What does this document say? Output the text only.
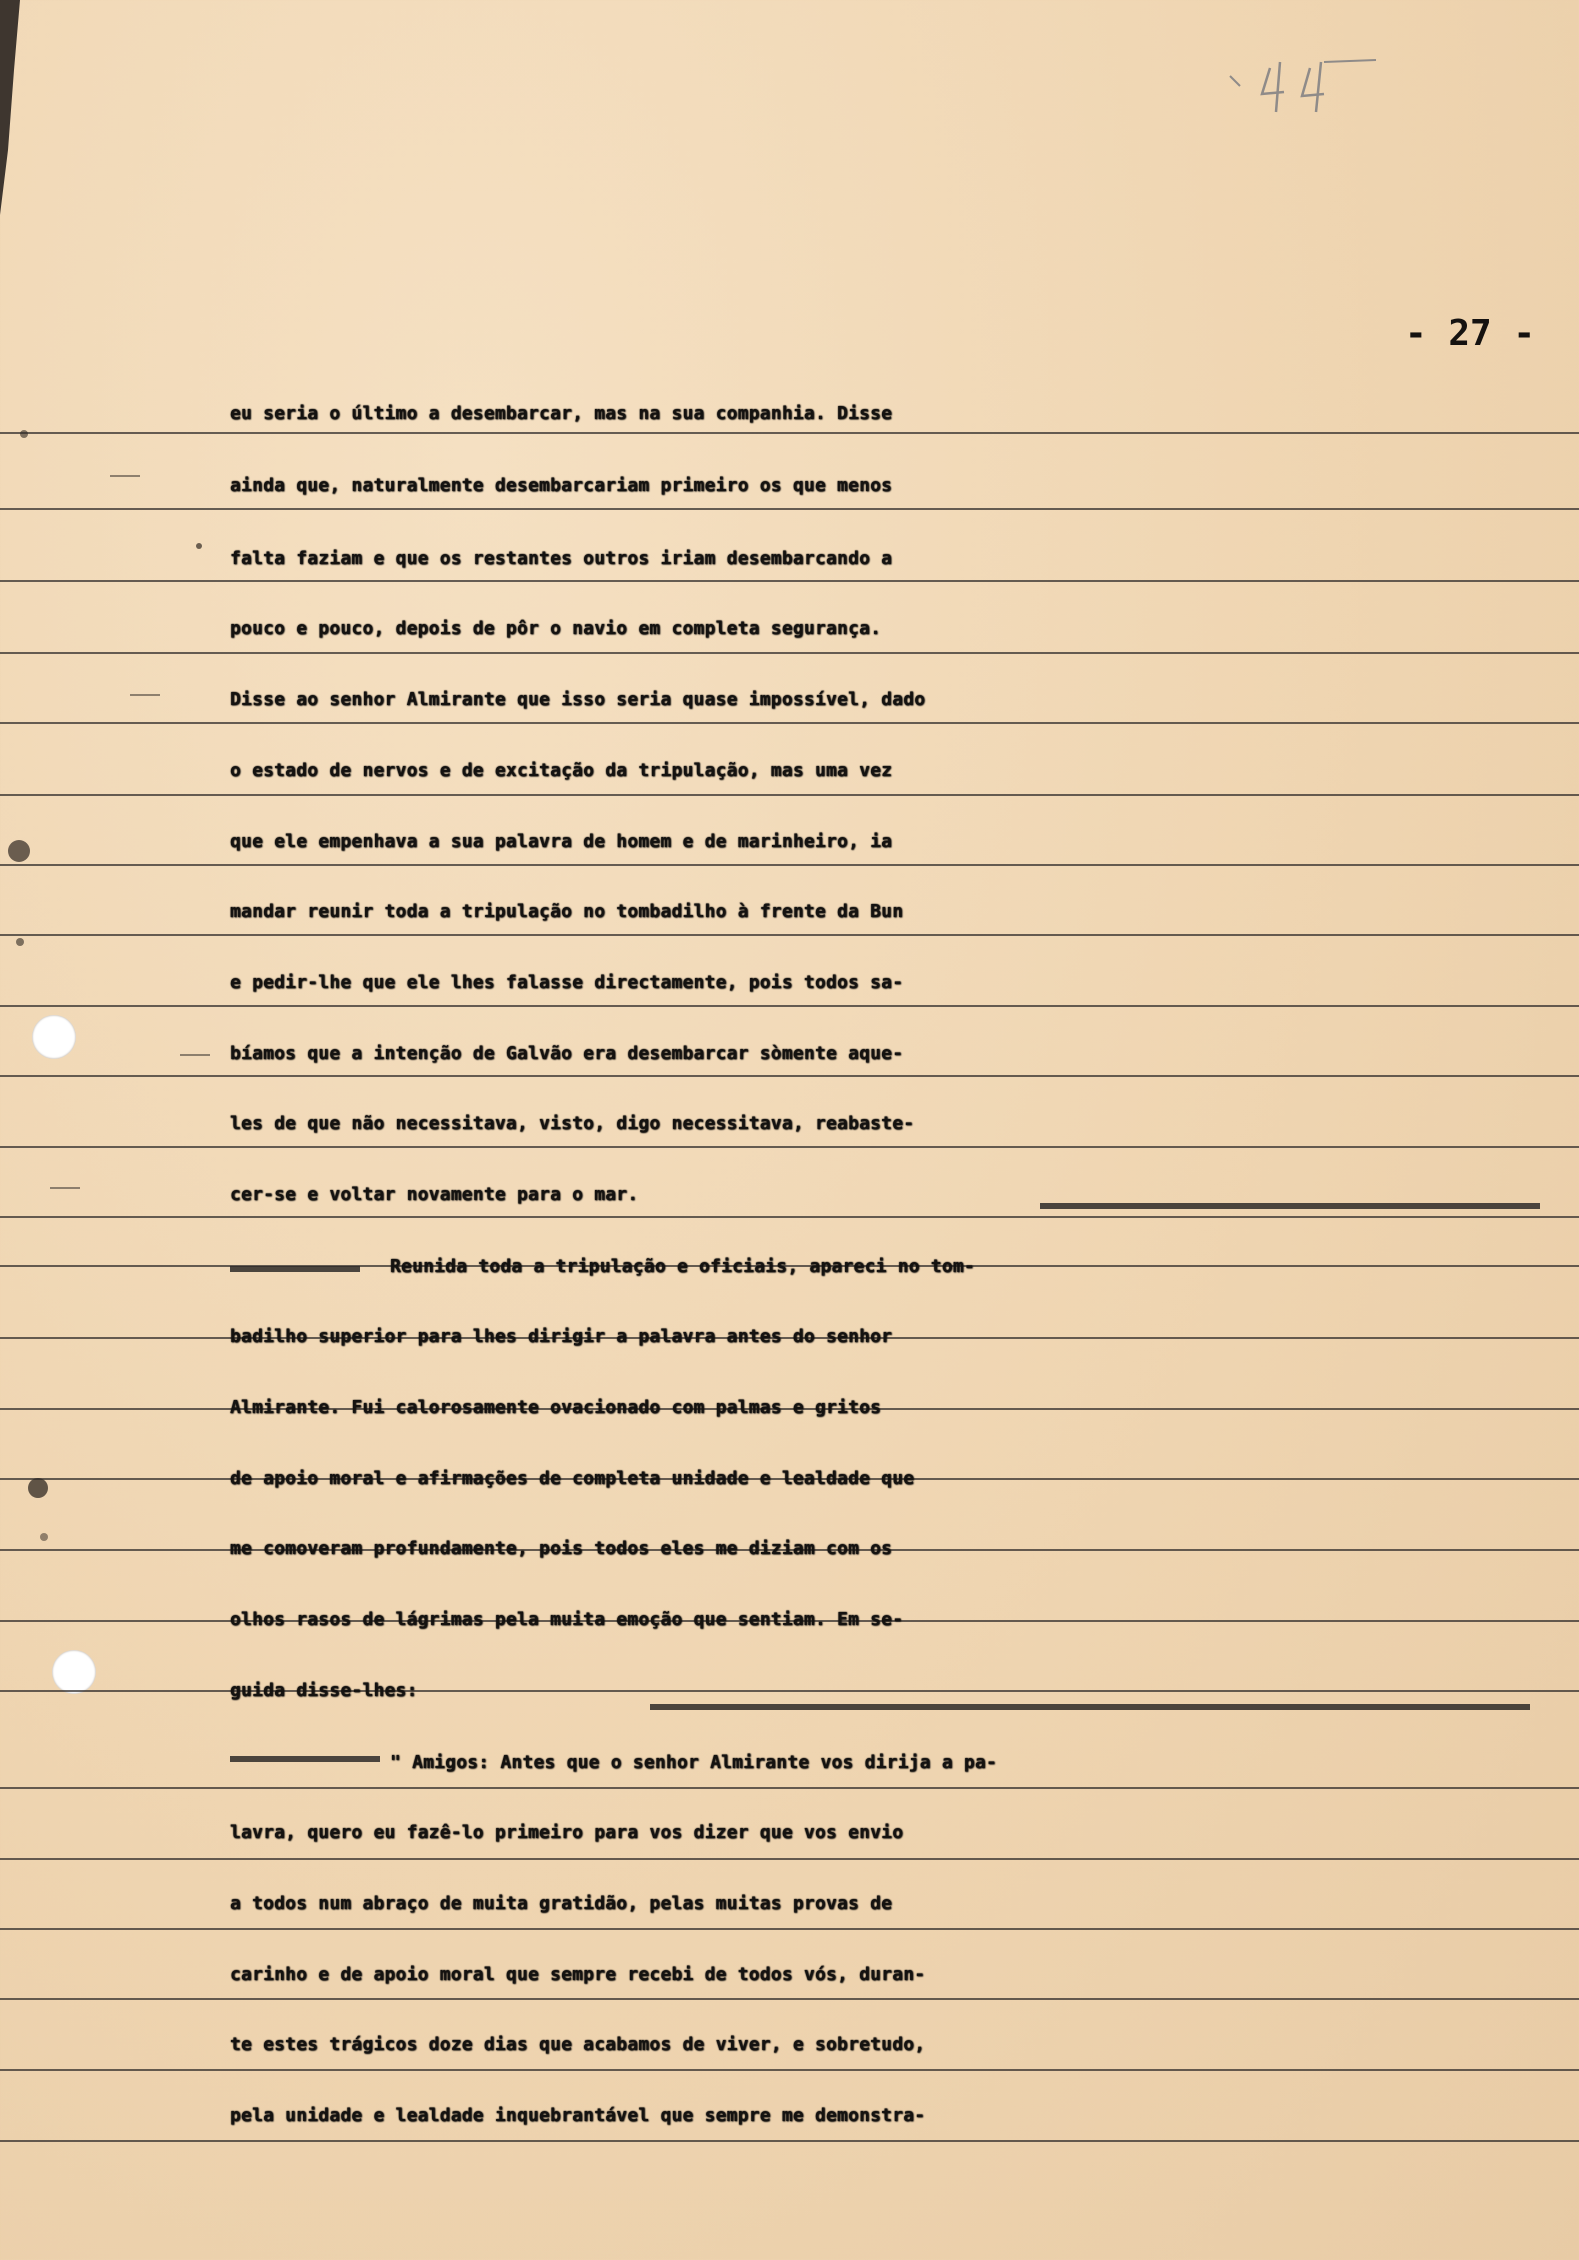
- 27 -
eu seria o último a desembarcar, mas na sua companhia. Disse
ainda que, naturalmente desembarcariam primeiro os que menos
falta faziam e que os restantes outros iriam desembarcando a
pouco e pouco, depois de pôr o navio em completa segurança.
Disse ao senhor Almirante que isso seria quase impossível, dado
o estado de nervos e de excitação da tripulação, mas uma vez
que ele empenhava a sua palavra de homem e de marinheiro, ia
mandar reunir toda a tripulação no tombadilho à frente da Bun
e pedir-lhe que ele lhes falasse directamente, pois todos sa-
bíamos que a intenção de Galvão era desembarcar sòmente aque-
les de que não necessitava, visto, digo necessitava, reabaste-
cer-se e voltar novamente para o mar.
Reunida toda a tripulação e oficiais, apareci no tom-
badilho superior para lhes dirigir a palavra antes do senhor
Almirante. Fui calorosamente ovacionado com palmas e gritos
de apoio moral e afirmações de completa unidade e lealdade que
me comoveram profundamente, pois todos eles me diziam com os
olhos rasos de lágrimas pela muita emoção que sentiam. Em se-
guida disse-lhes:
" Amigos: Antes que o senhor Almirante vos dirija a pa-
lavra, quero eu fazê-lo primeiro para vos dizer que vos envio
a todos num abraço de muita gratidão, pelas muitas provas de
carinho e de apoio moral que sempre recebi de todos vós, duran-
te estes trágicos doze dias que acabamos de viver, e sobretudo,
pela unidade e lealdade inquebrantável que sempre me demonstra-
